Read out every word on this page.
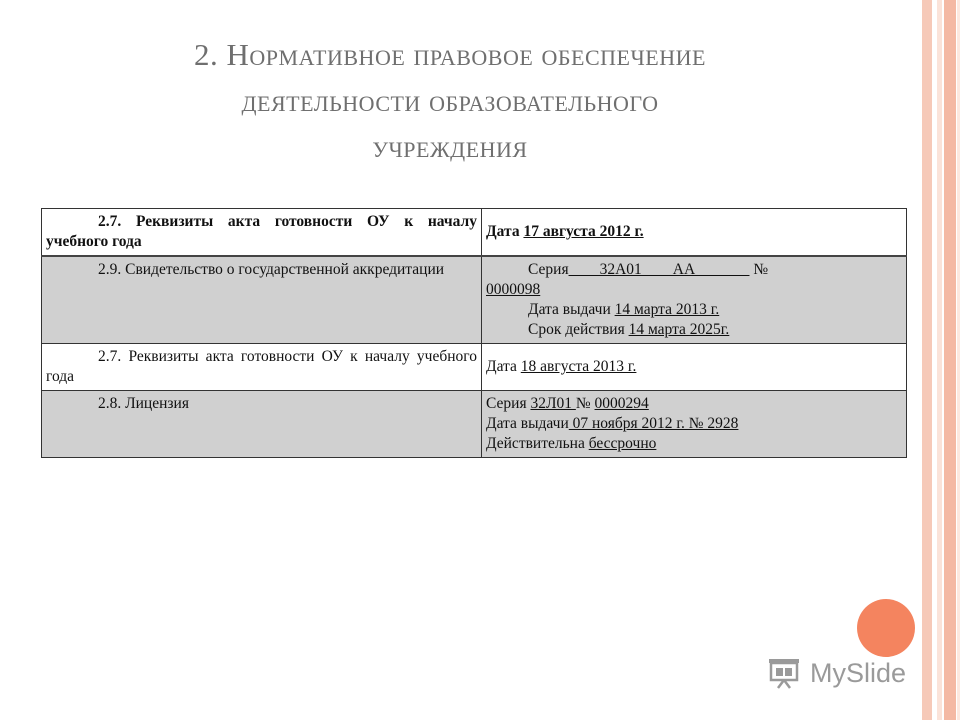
2. Нормативное правовое обеспечение
деятельности образовательного
учреждения
2.7. Реквизиты акта готовности ОУ к началу учебного года	Дата 17 августа 2012 г.
2.9. Свидетельство о государственной аккредитации	Серия____32А01____АА_______ №
0000098
Дата выдачи 14 марта 2013 г.
Срок действия 14 марта 2025г.

2.7. Реквизиты акта готовности ОУ к началу учебного года	Дата 18 августа 2013 г.
2.8. Лицензия	Серия 32Л01 № 0000294
Дата выдачи 07 ноября 2012 г. № 2928
Действительна бессрочно
MySlide
